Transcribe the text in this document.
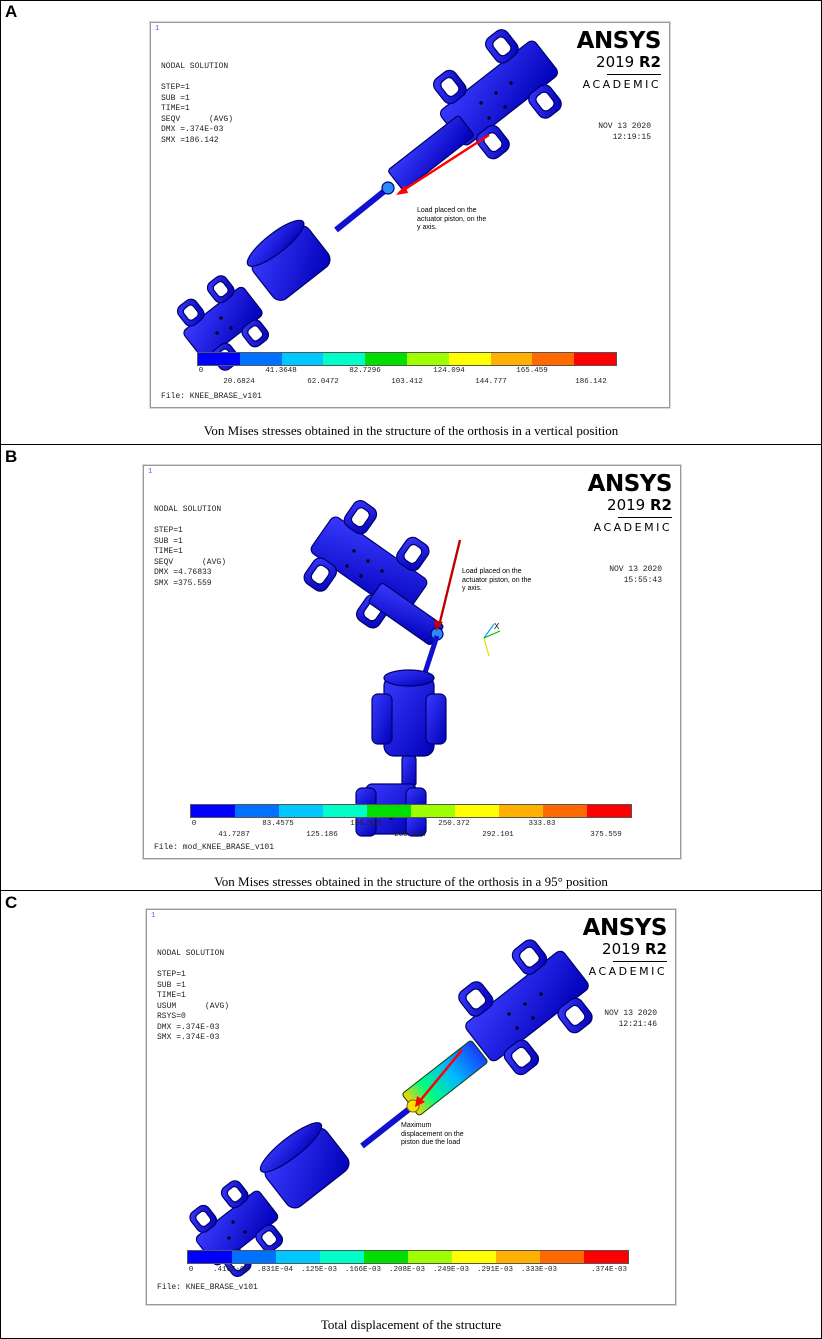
A
1

NODAL SOLUTION
STEP=1
SUB =1
TIME=1
SEQV      (AVG)
DMX =.374E-03
SMX =186.142

ANSYS
2019 R2
ACADEMIC

NOV 13 2020
12:19:15

Load placed on the actuator piston, on the y axis.
0	41.3648	82.7296	124.094	165.459
20.6824	62.0472	103.412	144.777	186.142
File: KNEE_BRASE_v101
Von Mises stresses obtained in the structure of the orthosis in a vertical position
B
1

NODAL SOLUTION
STEP=1
SUB =1
TIME=1
SEQV      (AVG)
DMX =4.76833
SMX =375.559

ANSYS
2019 R2
ACADEMIC

NOV 13 2020
15:55:43

Load placed on the actuator piston, on the y axis.
X
0	83.4575	166.915	250.372	333.83
41.7287	125.186	208.644	292.101	375.559
File: mod_KNEE_BRASE_v101
Von Mises stresses obtained in the structure of the orthosis in a 95° position
C
1

NODAL SOLUTION
STEP=1
SUB =1
TIME=1
USUM      (AVG)
RSYS=0
DMX =.374E-03
SMX =.374E-03

ANSYS
2019 R2
ACADEMIC

NOV 13 2020
12:21:46

Maximum displacement on the piston due the load
0	.831E-04	.166E-03	.249E-03	.333E-03
.416E-04	.125E-03	.208E-03	.291E-03	.374E-03
File: KNEE_BRASE_v101
Total displacement of the structure
